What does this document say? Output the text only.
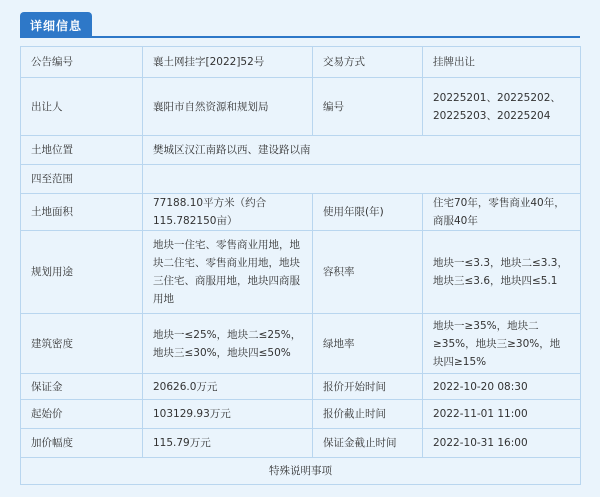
详细信息
公告编号	襄土网挂字[2022]52号	交易方式	挂牌出让
出让人	襄阳市自然资源和规划局	编号	20225201、20225202、20225203、20225204
土地位置	樊城区汉江南路以西、建设路以南		
四至范围			
土地面积	77188.10平方米（约合115.782150亩）	使用年限(年)	住宅70年，零售商业40年，商服40年
规划用途	地块一住宅、零售商业用地，地块二住宅、零售商业用地，地块三住宅、商服用地，地块四商服用地	容积率	地块一≤3.3，地块二≤3.3，地块三≤3.6，地块四≤5.1
建筑密度	地块一≤25%，地块二≤25%，地块三≤30%，地块四≤50%	绿地率	地块一≥35%，地块二≥35%，地块三≥30%，地块四≥15%
保证金	20626.0万元	报价开始时间	2022-10-20 08:30
起始价	103129.93万元	报价截止时间	2022-11-01 11:00
加价幅度	115.79万元	保证金截止时间	2022-10-31 16:00
特殊说明事项			
